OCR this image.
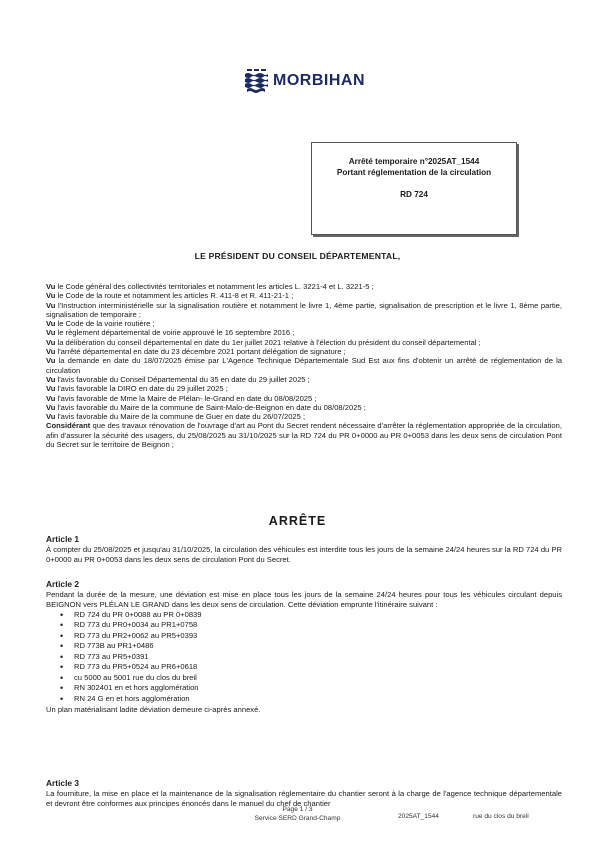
MORBIHAN
Arrêté temporaire n°2025AT_1544
Portant réglementation de la circulation
RD 724
LE PRÉSIDENT DU CONSEIL DÉPARTEMENTAL,

Vu le Code général des collectivités territoriales et notamment les articles L. 3221-4 et L. 3221-5 ;

Vu le Code de la route et notamment les articles R. 411-8 et R. 411-21-1 ;

Vu l'Instruction interministérielle sur la signalisation routière et notamment le livre 1, 4ème partie, signalisation de prescription et le livre 1, 8ème partie, signalisation de temporaire ;

Vu le Code de la voirie routière ;

Vu le règlement départemental de voirie approuvé le 16 septembre 2016 ;

Vu la délibération du conseil départemental en date du 1er juillet 2021 relative à l'élection du président du conseil départemental ;

Vu l'arrêté départemental en date du 23 décembre 2021 portant délégation de signature ;

Vu la demande en date du 18/07/2025 émise par L'Agence Technique Départementale Sud Est aux fins d'obtenir un arrêté de réglementation de la circulation

Vu l'avis favorable du Conseil Départemental du 35 en date du 29 juillet 2025 ;

Vu l'avis favorable la DIRO en date du 29 juillet 2025 ;

Vu l'avis favorable de Mme la Maire de Plélan- le-Grand en date du 08/08/2025 ;

Vu l'avis favorable du Maire de la commune de Saint-Malo-de-Beignon en date du 08/08/2025 ;

Vu l'avis favorable du Maire de la commune de Guer en date du 26/07/2025 ;

Considérant que des travaux rénovation de l'ouvrage d'art au Pont du Secret rendent nécessaire d'arrêter la réglementation appropriée de la circulation, afin d'assurer la sécurité des usagers, du 25/08/2025 au 31/10/2025 sur la RD 724 du PR 0+0000 au PR 0+0053 dans les deux sens de circulation Pont du Secret sur le territoire de Beignon ;

ARRÊTE
Article 1

À compter du 25/08/2025 et jusqu'au 31/10/2025, la circulation des véhicules est interdite tous les jours de la semaine 24/24 heures sur la RD 724 du PR 0+0000 au PR 0+0053 dans les deux sens de circulation Pont du Secret.

Article 2

Pendant la durée de la mesure, une déviation est mise en place tous les jours de la semaine 24/24 heures pour tous les véhicules circulant depuis BEIGNON vers PLÉLAN LE GRAND dans les deux sens de circulation. Cette déviation emprunte l'itinéraire suivant :

• RD 724 du PR 0+0088 au PR 0+0839
• RD 773 du PR0+0034 au PR1+0758
• RD 773 du PR2+0062 au PR5+0393
• RD 773B au PR1+0486
• RD 773 au PR5+0391
• RD 773 du PR5+0524 au PR6+0618
• cu 5000 au 5001 rue du clos du breil
• RN 302401 en et hors agglomération
• RN 24 G en et hors agglomération

Un plan matérialisant ladite déviation demeure ci-après annexé.

Article 3

La fourniture, la mise en place et la maintenance de la signalisation réglementaire du chantier seront à la charge de l'agence technique départementale et devront être conformes aux principes énoncés dans le manuel du chef de chantier

Page 1 / 3
Service SERD Grand-Champ	2025AT_1544	rue du clos du breil
